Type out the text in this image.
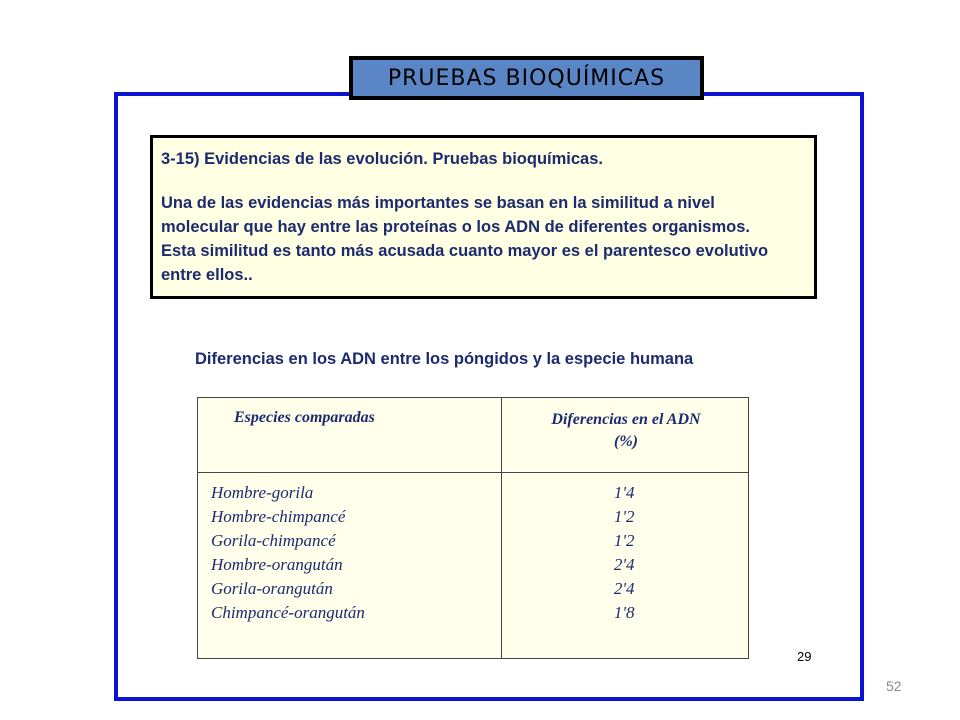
PRUEBAS BIOQUÍMICAS
3-15) Evidencias de las evolución. Pruebas bioquímicas.
Una de las evidencias más importantes se basan en la similitud a nivel
molecular que hay entre las proteínas o los ADN de diferentes organismos.
Esta similitud es tanto más acusada cuanto mayor es el parentesco evolutivo
entre ellos..
Diferencias en los ADN entre los póngidos y la especie humana
Especies comparadas	Diferencias en el ADN
(%)
Hombre-gorila	1'4
Hombre-chimpancé	1'2
Gorila-chimpancé	1'2
Hombre-orangután	2'4
Gorila-orangután	2'4
Chimpancé-orangután	1'8
29
52
